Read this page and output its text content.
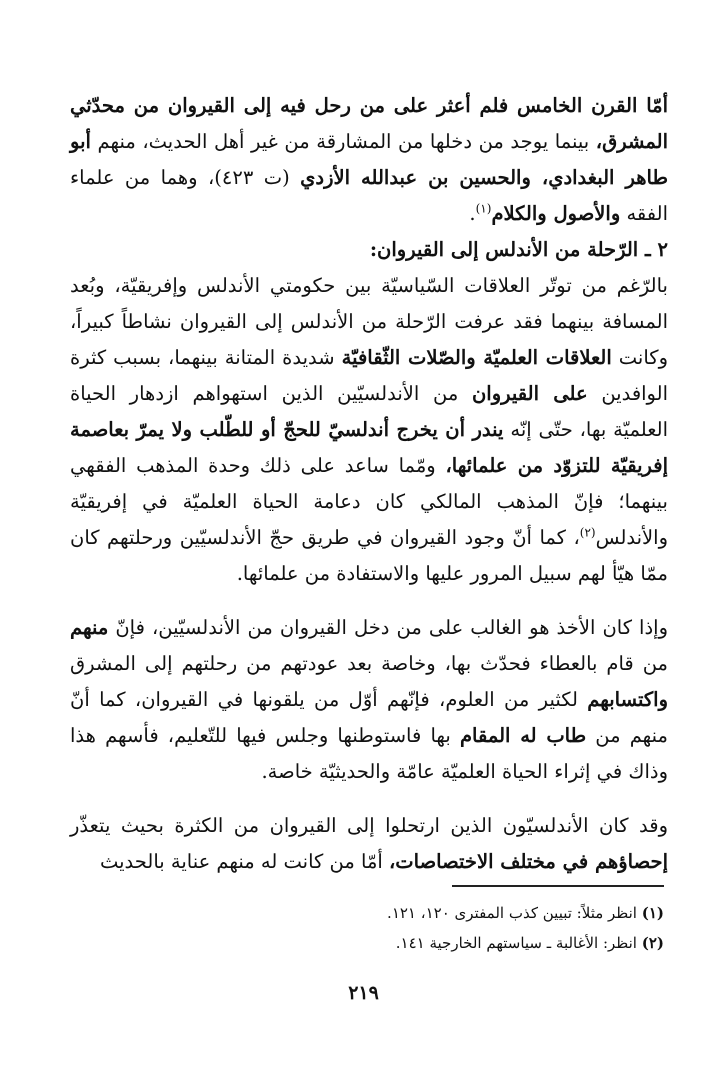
أمّا القرن الخامس فلم أعثر على من رحل فيه إلى القيروان من محدّثي المشرق، بينما يوجد من دخلها من المشارقة من غير أهل الحديث، منهم أبو طاهر البغدادي، والحسين بن عبدالله الأزدي (ت ٤٢٣)، وهما من علماء الفقه والأصول والكلام$^{(١)}$.

٢ ـ الرّحلة من الأندلس إلى القيروان:

بالرّغم من توتّر العلاقات السّياسيّة بين حكومتي الأندلس وإفريقيّة، وبُعد المسافة بينهما فقد عرفت الرّحلة من الأندلس إلى القيروان نشاطاً كبيراً، وكانت العلاقات العلميّة والصّلات الثّقافيّة شديدة المتانة بينهما، بسبب كثرة الوافدين على القيروان من الأندلسيّين الذين استهواهم ازدهار الحياة العلميّة بها، حتّى إنّه يندر أن يخرج أندلسيّ للحجّ أو للطّلب ولا يمرّ بعاصمة إفريقيّة للتزوّد من علمائها، ومّما ساعد على ذلك وحدة المذهب الفقهي بينهما؛ فإنّ المذهب المالكي كان دعامة الحياة العلميّة في إفريقيّة والأندلس$^{(٢)}$، كما أنّ وجود القيروان في طريق حجّ الأندلسيّين ورحلتهم كان ممّا هيّأ لهم سبيل المرور عليها والاستفادة من علمائها.

وإذا كان الأخذ هو الغالب على من دخل القيروان من الأندلسيّين، فإنّ منهم من قام بالعطاء فحدّث بها، وخاصة بعد عودتهم من رحلتهم إلى المشرق واكتسابهم لكثير من العلوم، فإنّهم أوّل من يلقونها في القيروان، كما أنّ منهم من طاب له المقام بها فاستوطنها وجلس فيها للتّعليم، فأسهم هذا وذاك في إثراء الحياة العلميّة عامّة والحديثيّة خاصة.

وقد كان الأندلسيّون الذين ارتحلوا إلى القيروان من الكثرة بحيث يتعذّر إحصاؤهم في مختلف الاختصاصات، أمّا من كانت له منهم عناية بالحديث

(١) انظر مثلاً: تبيين كذب المفترى ١٢٠، ١٢١.

(٢) انظر: الأغالبة ـ سياستهم الخارجية ١٤١.

٢١٩
